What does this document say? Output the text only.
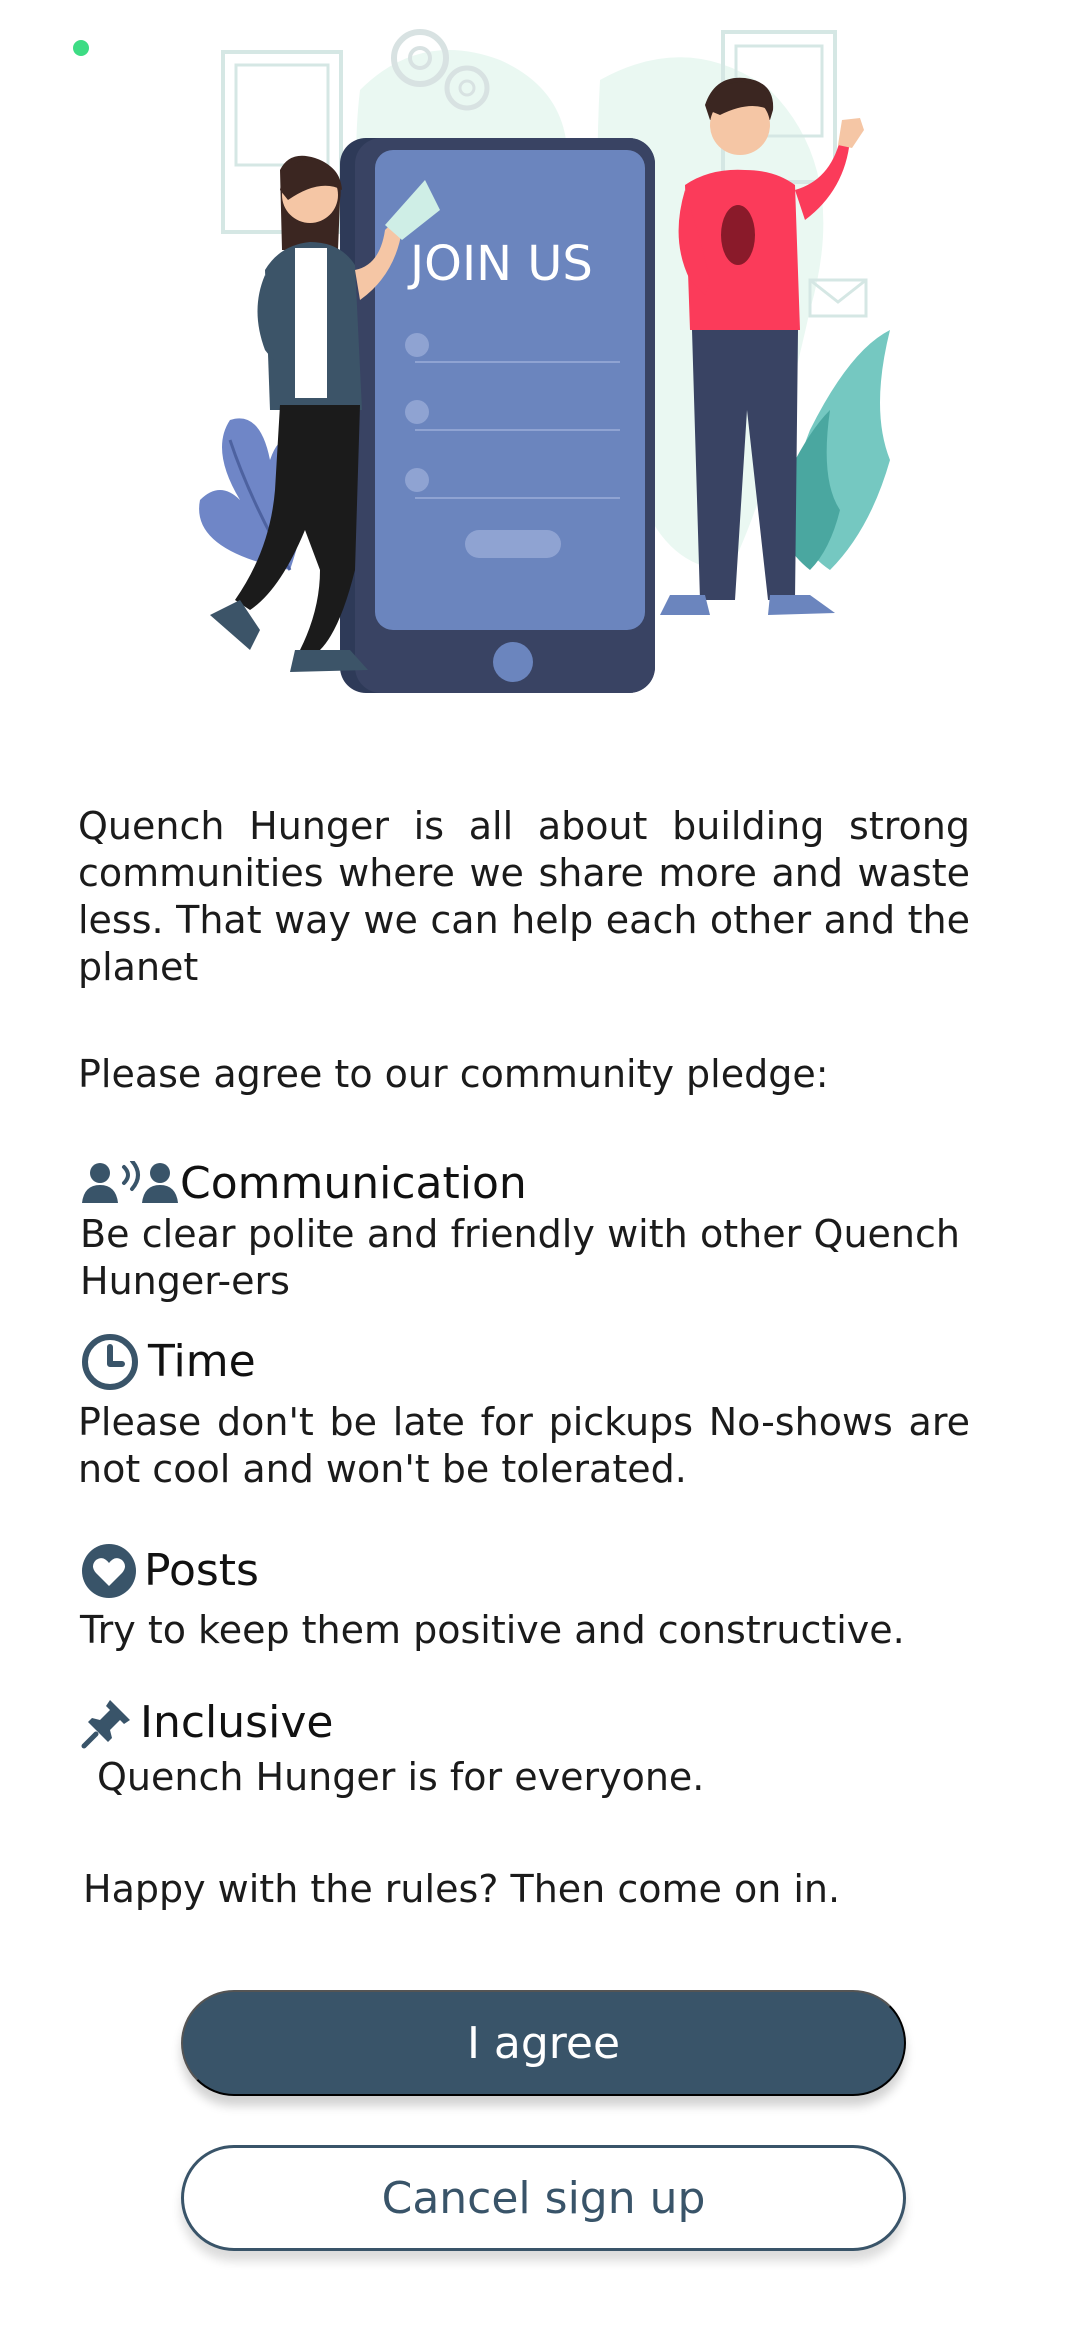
JOIN US

Quench Hunger is all about building strong communities where we share more and waste less. That way we can help each other and the planet

Please agree to our community pledge:

Communication

Be clear polite and friendly with other Quench Hunger-ers

Time

Please don't be late for pickups No-shows are not cool and won't be tolerated.

Posts

Try to keep them positive and constructive.

Inclusive

Quench Hunger is for everyone.

Happy with the rules? Then come on in.

I agree
Cancel sign up
